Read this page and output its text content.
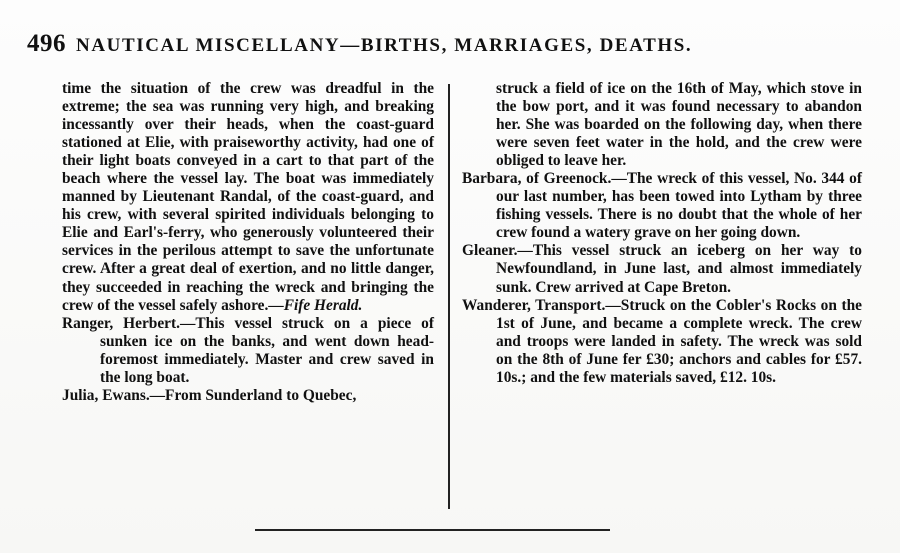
496 NAUTICAL MISCELLANY—BIRTHS, MARRIAGES, DEATHS.

time the situation of the crew was dreadful in the extreme; the sea was running very high, and breaking incessantly over their heads, when the coast-guard stationed at Elie, with praiseworthy activity, had one of their light boats conveyed in a cart to that part of the beach where the vessel lay. The boat was immediately manned by Lieutenant Randal, of the coast-guard, and his crew, with several spirited individuals belonging to Elie and Earl's-ferry, who generously volunteered their services in the perilous attempt to save the unfortunate crew. After a great deal of exertion, and no little danger, they succeeded in reaching the wreck and bringing the crew of the vessel safely ashore.—Fife Herald.

Ranger, Herbert.—This vessel struck on a piece of sunken ice on the banks, and went down head-foremost immediately. Master and crew saved in the long boat.

Julia, Ewans.—From Sunderland to Quebec,

struck a field of ice on the 16th of May, which stove in the bow port, and it was found necessary to abandon her. She was boarded on the following day, when there were seven feet water in the hold, and the crew were obliged to leave her.

Barbara, of Greenock.—The wreck of this vessel, No. 344 of our last number, has been towed into Lytham by three fishing vessels. There is no doubt that the whole of her crew found a watery grave on her going down.

Gleaner.—This vessel struck an iceberg on her way to Newfoundland, in June last, and almost immediately sunk. Crew arrived at Cape Breton.

Wanderer, Transport.—Struck on the Cobler's Rocks on the 1st of June, and became a complete wreck. The crew and troops were landed in safety. The wreck was sold on the 8th of June fer £30; anchors and cables for £57. 10s.; and the few materials saved, £12. 10s.
